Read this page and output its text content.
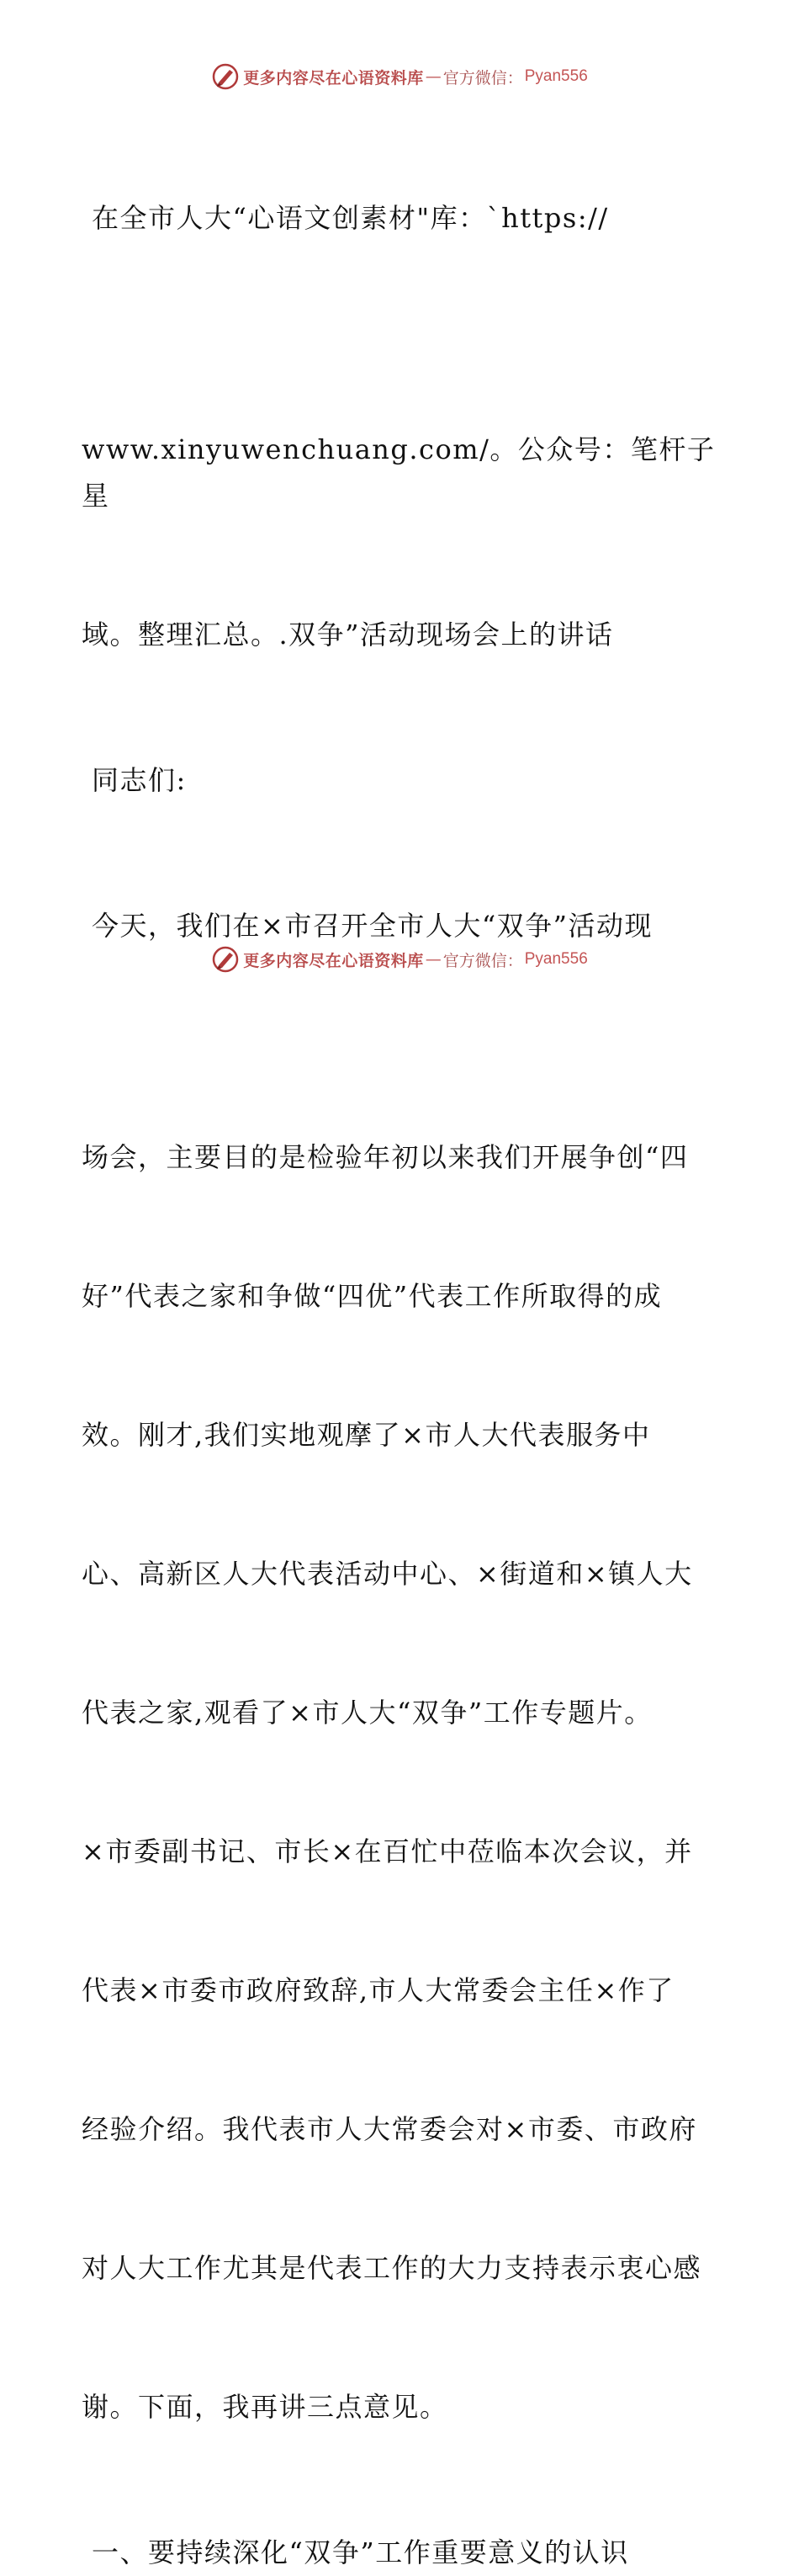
更多内容尽在心语资料库 — 官方微信： Pyan556

在全市人大“心语文创素材"库：`https://

www.xinyuwenchuang.com/。公众号：笔杆子星

域。整理汇总。.双争”活动现场会上的讲话

同志们:

今天，我们在×市召开全市人大“双争”活动现

场会，主要目的是检验年初以来我们开展争创“四

好”代表之家和争做“四优”代表工作所取得的成

效。刚才,我们实地观摩了×市人大代表服务中

心、高新区人大代表活动中心、×街道和×镇人大

代表之家,观看了×市人大“双争”工作专题片。

×市委副书记、市长×在百忙中莅临本次会议，并

代表×市委市政府致辞,市人大常委会主任×作了

经验介绍。我代表市人大常委会对×市委、市政府

对人大工作尤其是代表工作的大力支持表示衷心感

谢。下面，我再讲三点意见。

一、要持续深化“双争”工作重要意义的认识
更多内容尽在心语资料库 — 官方微信： Pyan556
